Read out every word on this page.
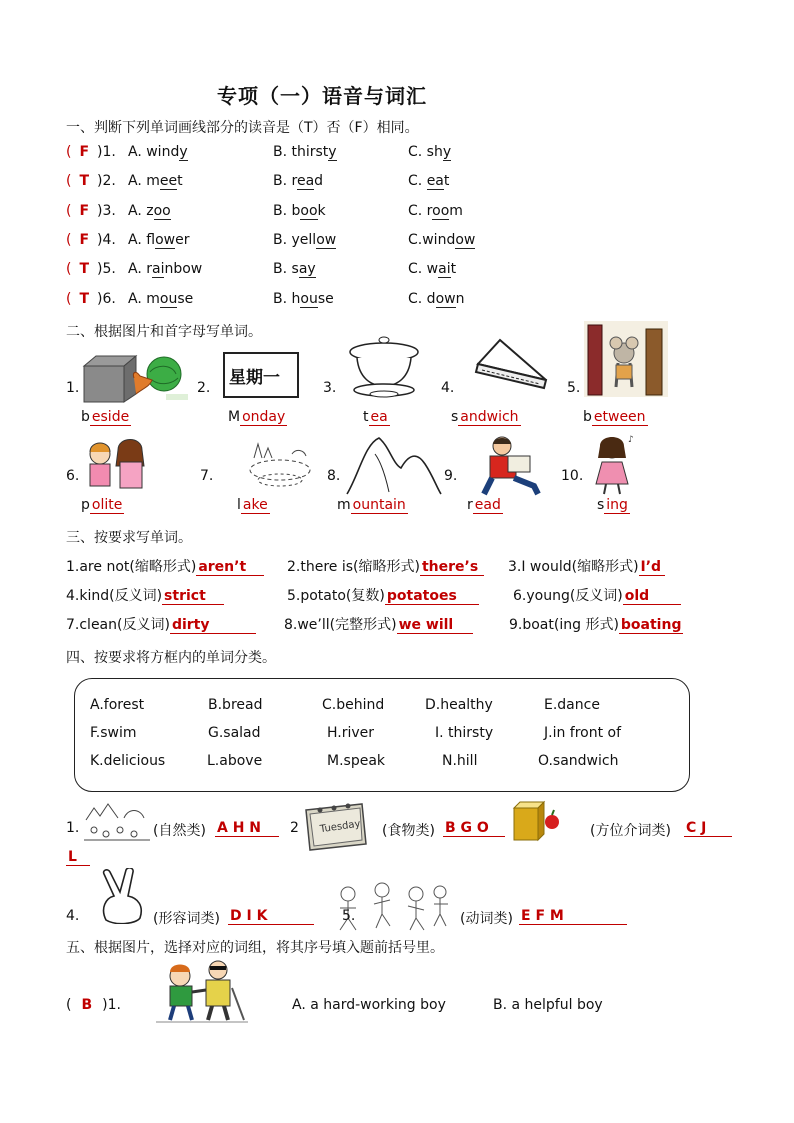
专项（一）语音与词汇
一、判断下列单词画线部分的读音是（T）否（F）相同。
( F )1. A. windy	B. thirsty	C. shy
( T )2. A. meet	B. read	C. eat
( F )3. A. zoo	B. book	C. room
( F )4. A. flower	B. yellow	C.window
( T )5. A. rainbow	B. say	C. wait
( T )6. A. mouse	B. house	C. down
二、根据图片和首字母写单词。
星期一
♪
1.
b eside
2.
M onday
3.
t ea
4.
s andwich
5.
b etween
6.
p olite
7.
l ake
8.
m ountain
9.
r ead
10.
s ing
三、按要求写单词。
1.are not(缩略形式) aren’t	2.there is(缩略形式) there’s	3.I would(缩略形式) I’d
4.kind(反义词) strict	5.potato(复数) potatoes	6.young(反义词) old
7.clean(反义词) dirty	8.we’ll(完整形式) we will	9.boat(ing 形式) boating
四、按要求将方框内的单词分类。
A.forest	B.bread	C.behind	D.healthy	E.dance
F.swim	G.salad	H.river	I. thirsty	J.in front of
K.delicious	L.above	M.speak	N.hill	O.sandwich
Tuesday
1.	(自然类) A H N	2	(食物类) B G O	(方位介词类) C J
L
4.	(形容词类) D I K	5.	(动词类) E F M
五、根据图片，选择对应的词组，将其序号填入题前括号里。
( B )1.	A. a hard-working boy	B. a helpful boy
